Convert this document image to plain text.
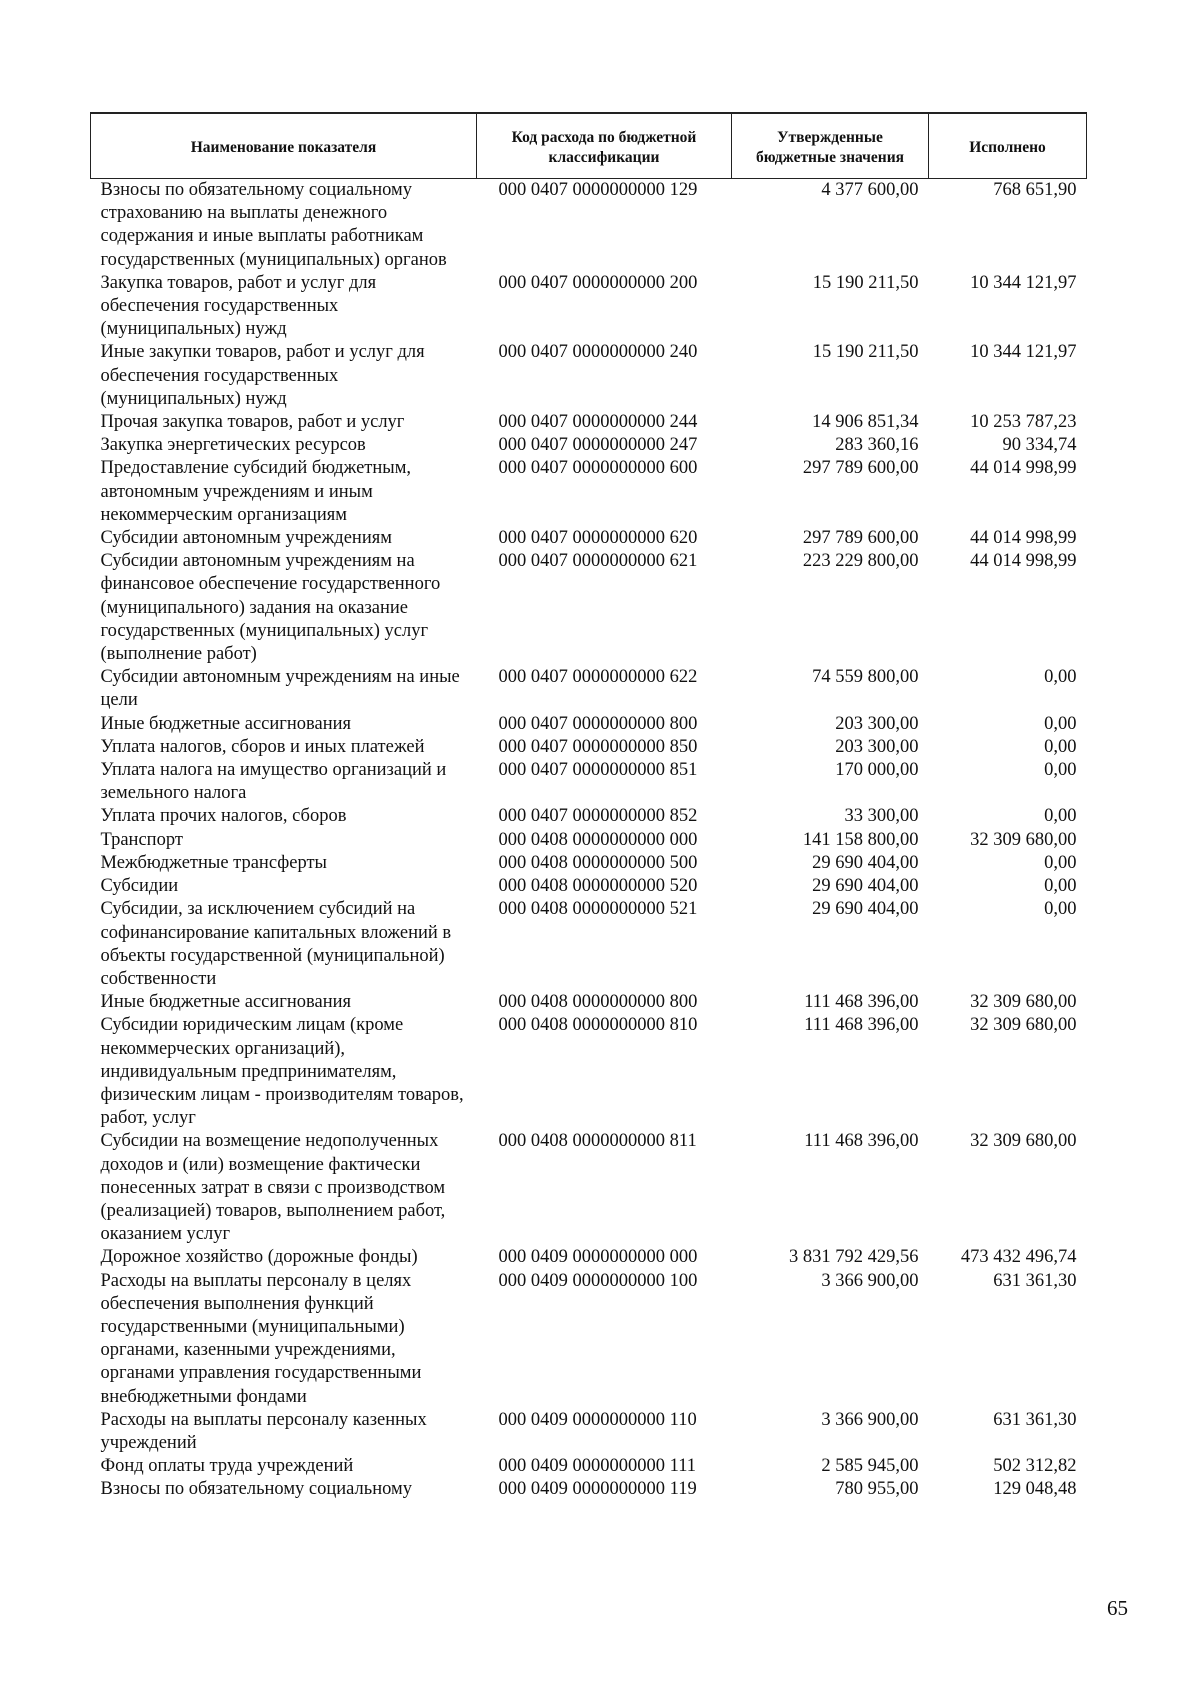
Наименование показателя	Код расхода по бюджетной классификации	Утвержденные бюджетные значения	Исполнено
Взносы по обязательному социальному страхованию на выплаты денежного содержания и иные выплаты работникам государственных (муниципальных) органов	000 0407 0000000000 129	4 377 600,00	768 651,90
Закупка товаров, работ и услуг для обеспечения государственных (муниципальных) нужд	000 0407 0000000000 200	15 190 211,50	10 344 121,97
Иные закупки товаров, работ и услуг для обеспечения государственных (муниципальных) нужд	000 0407 0000000000 240	15 190 211,50	10 344 121,97
Прочая закупка товаров, работ и услуг	000 0407 0000000000 244	14 906 851,34	10 253 787,23
Закупка энергетических ресурсов	000 0407 0000000000 247	283 360,16	90 334,74
Предоставление субсидий бюджетным, автономным учреждениям и иным некоммерческим организациям	000 0407 0000000000 600	297 789 600,00	44 014 998,99
Субсидии автономным учреждениям	000 0407 0000000000 620	297 789 600,00	44 014 998,99
Субсидии автономным учреждениям на финансовое обеспечение государственного (муниципального) задания на оказание государственных (муниципальных) услуг (выполнение работ)	000 0407 0000000000 621	223 229 800,00	44 014 998,99
Субсидии автономным учреждениям на иные цели	000 0407 0000000000 622	74 559 800,00	0,00
Иные бюджетные ассигнования	000 0407 0000000000 800	203 300,00	0,00
Уплата налогов, сборов и иных платежей	000 0407 0000000000 850	203 300,00	0,00
Уплата налога на имущество организаций и земельного налога	000 0407 0000000000 851	170 000,00	0,00
Уплата прочих налогов, сборов	000 0407 0000000000 852	33 300,00	0,00
Транспорт	000 0408 0000000000 000	141 158 800,00	32 309 680,00
Межбюджетные трансферты	000 0408 0000000000 500	29 690 404,00	0,00
Субсидии	000 0408 0000000000 520	29 690 404,00	0,00
Субсидии, за исключением субсидий на софинансирование капитальных вложений в объекты государственной (муниципальной) собственности	000 0408 0000000000 521	29 690 404,00	0,00
Иные бюджетные ассигнования	000 0408 0000000000 800	111 468 396,00	32 309 680,00
Субсидии юридическим лицам (кроме некоммерческих организаций), индивидуальным предпринимателям, физическим лицам - производителям товаров, работ, услуг	000 0408 0000000000 810	111 468 396,00	32 309 680,00
Субсидии на возмещение недополученных доходов и (или) возмещение фактически понесенных затрат в связи с производством (реализацией) товаров, выполнением работ, оказанием услуг	000 0408 0000000000 811	111 468 396,00	32 309 680,00
Дорожное хозяйство (дорожные фонды)	000 0409 0000000000 000	3 831 792 429,56	473 432 496,74
Расходы на выплаты персоналу в целях обеспечения выполнения функций государственными (муниципальными) органами, казенными учреждениями, органами управления государственными внебюджетными фондами	000 0409 0000000000 100	3 366 900,00	631 361,30
Расходы на выплаты персоналу казенных учреждений	000 0409 0000000000 110	3 366 900,00	631 361,30
Фонд оплаты труда учреждений	000 0409 0000000000 111	2 585 945,00	502 312,82
Взносы по обязательному социальному	000 0409 0000000000 119	780 955,00	129 048,48
65
